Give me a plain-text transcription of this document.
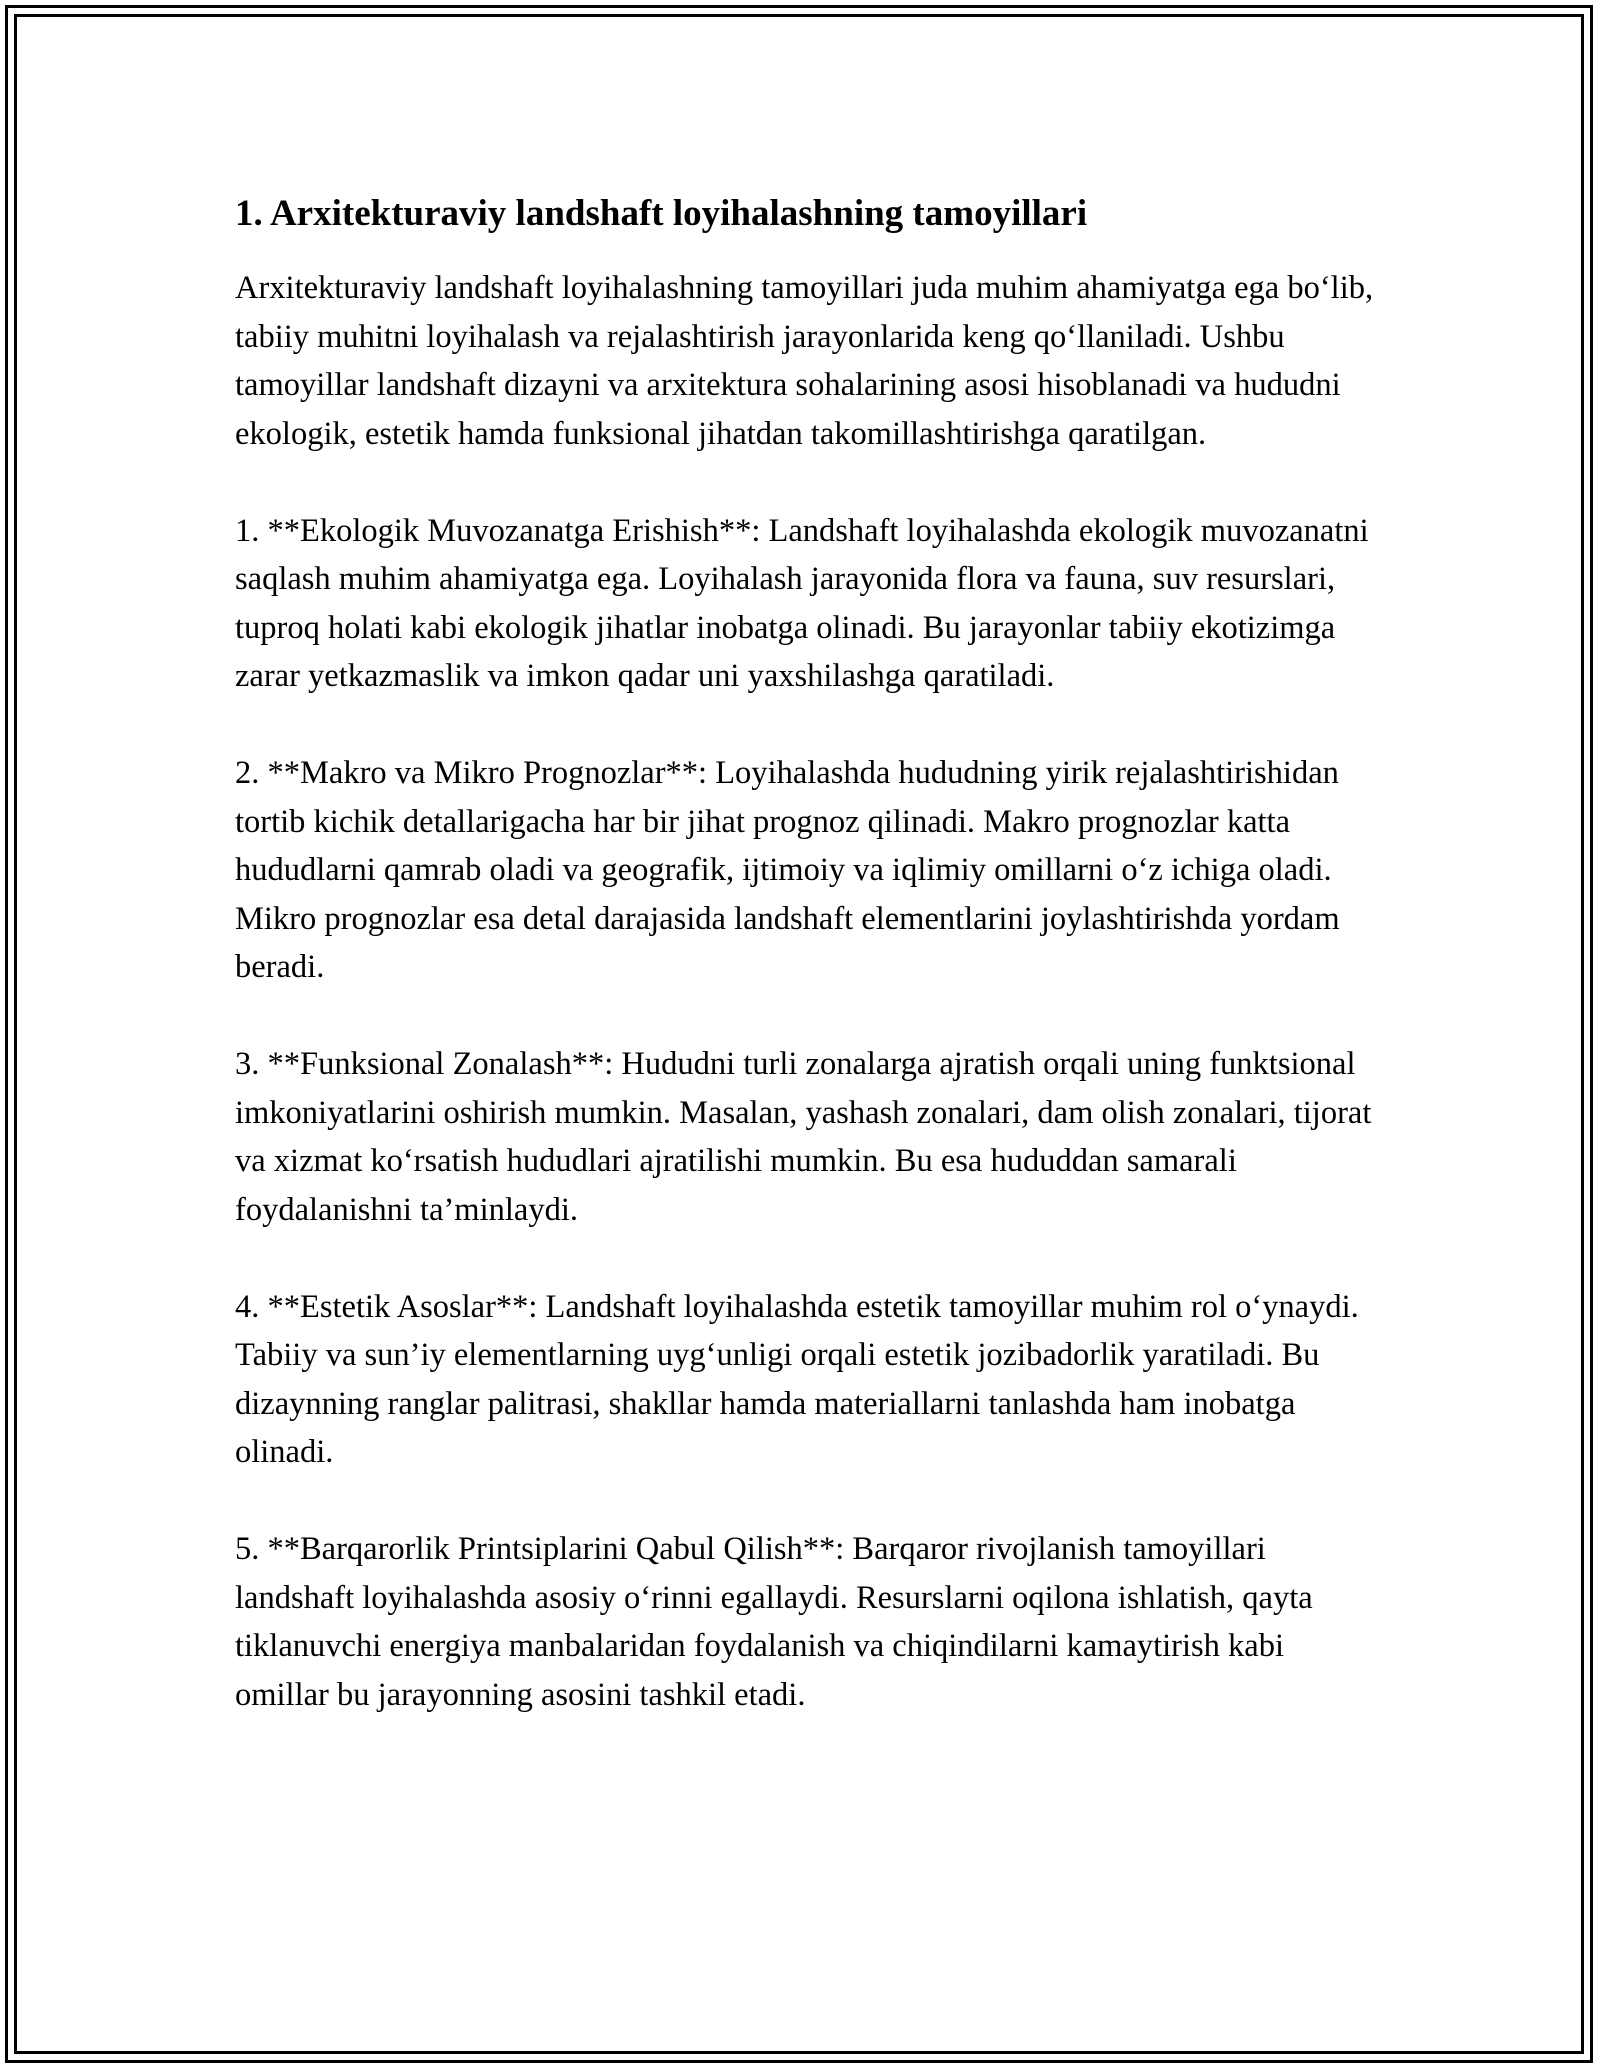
1. Arxitekturaviy landshaft loyihalashning tamoyillari

Arxitekturaviy landshaft loyihalashning tamoyillari juda muhim ahamiyatga ega bo‘lib, tabiiy muhitni loyihalash va rejalashtirish jarayonlarida keng qo‘llaniladi. Ushbu tamoyillar landshaft dizayni va arxitektura sohalarining asosi hisoblanadi va hududni ekologik, estetik hamda funksional jihatdan takomillashtirishga qaratilgan.

1. **Ekologik Muvozanatga Erishish**: Landshaft loyihalashda ekologik muvozanatni saqlash muhim ahamiyatga ega. Loyihalash jarayonida flora va fauna, suv resurslari, tuproq holati kabi ekologik jihatlar inobatga olinadi. Bu jarayonlar tabiiy ekotizimga zarar yetkazmaslik va imkon qadar uni yaxshilashga qaratiladi.

2. **Makro va Mikro Prognozlar**: Loyihalashda hududning yirik rejalashtirishidan tortib kichik detallarigacha har bir jihat prognoz qilinadi. Makro prognozlar katta hududlarni qamrab oladi va geografik, ijtimoiy va iqlimiy omillarni o‘z ichiga oladi. Mikro prognozlar esa detal darajasida landshaft elementlarini joylashtirishda yordam beradi.

3. **Funksional Zonalash**: Hududni turli zonalarga ajratish orqali uning funktsional imkoniyatlarini oshirish mumkin. Masalan, yashash zonalari, dam olish zonalari, tijorat va xizmat ko‘rsatish hududlari ajratilishi mumkin. Bu esa hududdan samarali foydalanishni ta’minlaydi.

4. **Estetik Asoslar**: Landshaft loyihalashda estetik tamoyillar muhim rol o‘ynaydi. Tabiiy va sun’iy elementlarning uyg‘unligi orqali estetik jozibadorlik yaratiladi. Bu dizaynning ranglar palitrasi, shakllar hamda materiallarni tanlashda ham inobatga olinadi.

5. **Barqarorlik Printsiplarini Qabul Qilish**: Barqaror rivojlanish tamoyillari landshaft loyihalashda asosiy o‘rinni egallaydi. Resurslarni oqilona ishlatish, qayta tiklanuvchi energiya manbalaridan foydalanish va chiqindilarni kamaytirish kabi omillar bu jarayonning asosini tashkil etadi.
